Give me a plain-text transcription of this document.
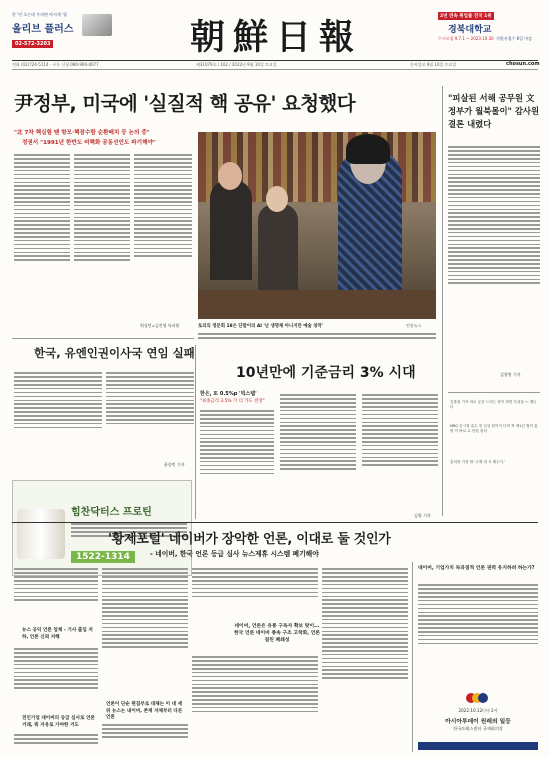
한 '민 오는데 우의면 아시게 '청
올리브 플러스
02-572-3203	朝鮮日報
2년 연속 취업률 전국 1위
경북대학교
수시모집 9.7.1 ~ 2023.10.30 지원서접수 6일 마감
전화 (02)724-5114 · 구독 신청 080-900-0077	제31079호 / 102 / 2022년 9월 10일 토요일	동아일보 9월 10일 토요일	chosun.com
尹정부, 미국에 '실질적 핵 공유' 요청했다
"北 7차 핵실험 땐 항모·핵잠수함 순환배치 등 논의 중"
정권서 "1991년 한반도 비핵화 공동선언도 파기해야"
워싱턴=김진명 특파원	토리의 정문회 18은 단말이리 AI '난 생명체 아니지만 예술 창작'	연합뉴스
"피살된 서해 공무원 文정부가 월북몰이" 감사원 결론 내렸다
김형원 기자
한국, 유엔인권이사국 연임 실패
윤종빈 기자
10년만에 기준금리 3% 시대
한은, 또 0.5%p '빅스텝'
"최종금리 3.5% 가 더 가도 전망"
김영 기자
김춘원 기자 바로 웃음 드리는 장이 화면 특성을 느 행니다
MBC·김시정 흥수 현 일상 원이이 다비 싹 제1년 월이 분명 이 바로 수 만한 원의
흥미를 가장 할 '주제 대 식 혜주기.'
힘찬닥터스 프로틴
1522-1314
'황제포털' 네이버가 장악한 언론, 이대로 둘 것인가
- 네이버, 한국 언론 등급 심사 뉴스제휴 시스템 폐기해야
뉴스 공익 언론 업체 - 기사 출입 저하, 언론 신뢰 저해
전인기업 네이버의 등급 심사로 언론 거래, 뭐 자유로 가야한 거도
언론이 단순 편집부로 대체는 이 대 세 뒤 뉴스는 내이버, 존재 자체부터 다른 언론
네이버, 언론은 유통 구독자 확보 탓이... 한국 언론 네이버 종속 구조 고착화, 언론 질린 폐쇄성
네이버, 기업가치 독과점적 언론 권력 유지하려 하는가?
2022.10.12(수) 2시
아시아투데이 원래의 일등
한국프레스센터 국제회의장
